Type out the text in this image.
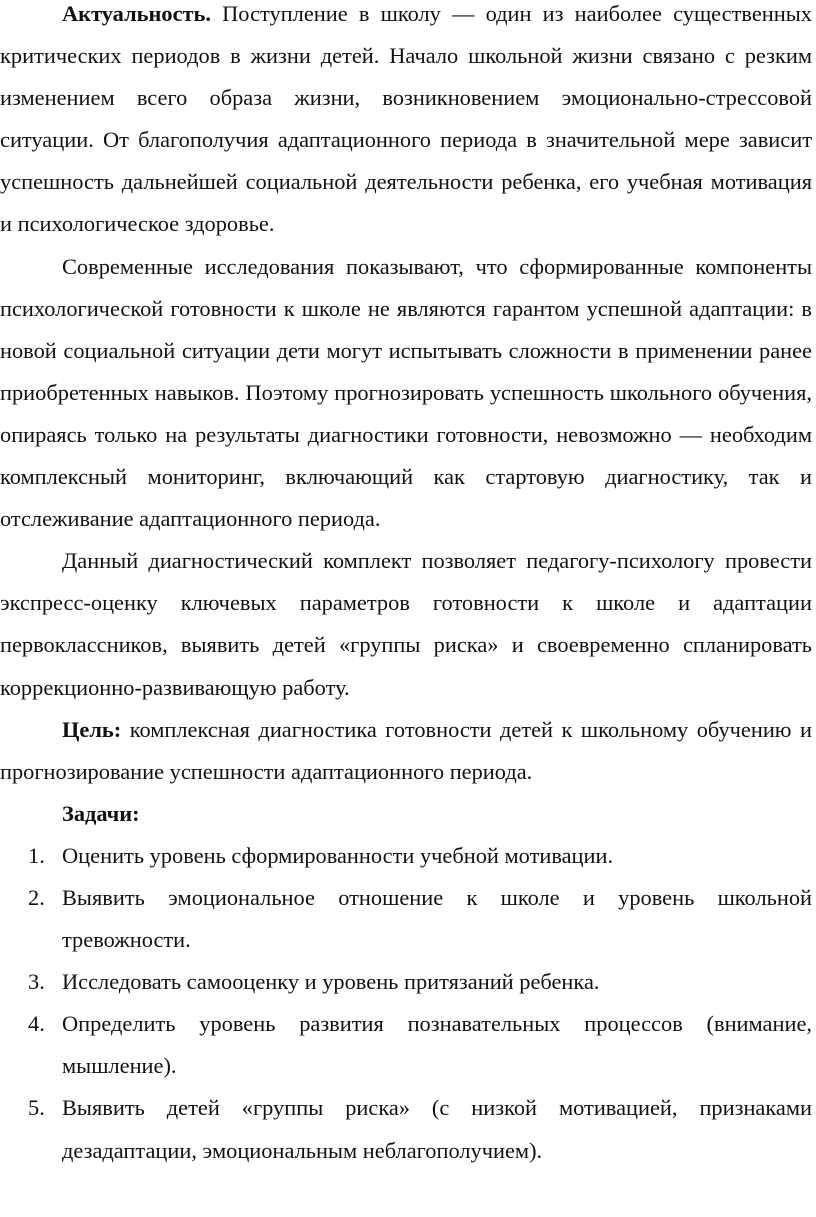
Актуальность. Поступление в школу — один из наиболее существенных критических периодов в жизни детей. Начало школьной жизни связано с резким изменением всего образа жизни, возникновением эмоционально-стрессовой ситуации. От благополучия адаптационного периода в значительной мере зависит успешность дальнейшей социальной деятельности ребенка, его учебная мотивация и психологическое здоровье.

Современные исследования показывают, что сформированные компоненты психологической готовности к школе не являются гарантом успешной адаптации: в новой социальной ситуации дети могут испытывать сложности в применении ранее приобретенных навыков. Поэтому прогнозировать успешность школьного обучения, опираясь только на результаты диагностики готовности, невозможно — необходим комплексный мониторинг, включающий как стартовую диагностику, так и отслеживание адаптационного периода.

Данный диагностический комплект позволяет педагогу-психологу провести экспресс-оценку ключевых параметров готовности к школе и адаптации первоклассников, выявить детей «группы риска» и своевременно спланировать коррекционно-развивающую работу.

Цель: комплексная диагностика готовности детей к школьному обучению и прогнозирование успешности адаптационного периода.

Задачи:

1. Оценить уровень сформированности учебной мотивации.
2. Выявить эмоциональное отношение к школе и уровень школьной тревожности.
3. Исследовать самооценку и уровень притязаний ребенка.
4. Определить уровень развития познавательных процессов (внимание, мышление).
5. Выявить детей «группы риска» (с низкой мотивацией, признаками дезадаптации, эмоциональным неблагополучием).
